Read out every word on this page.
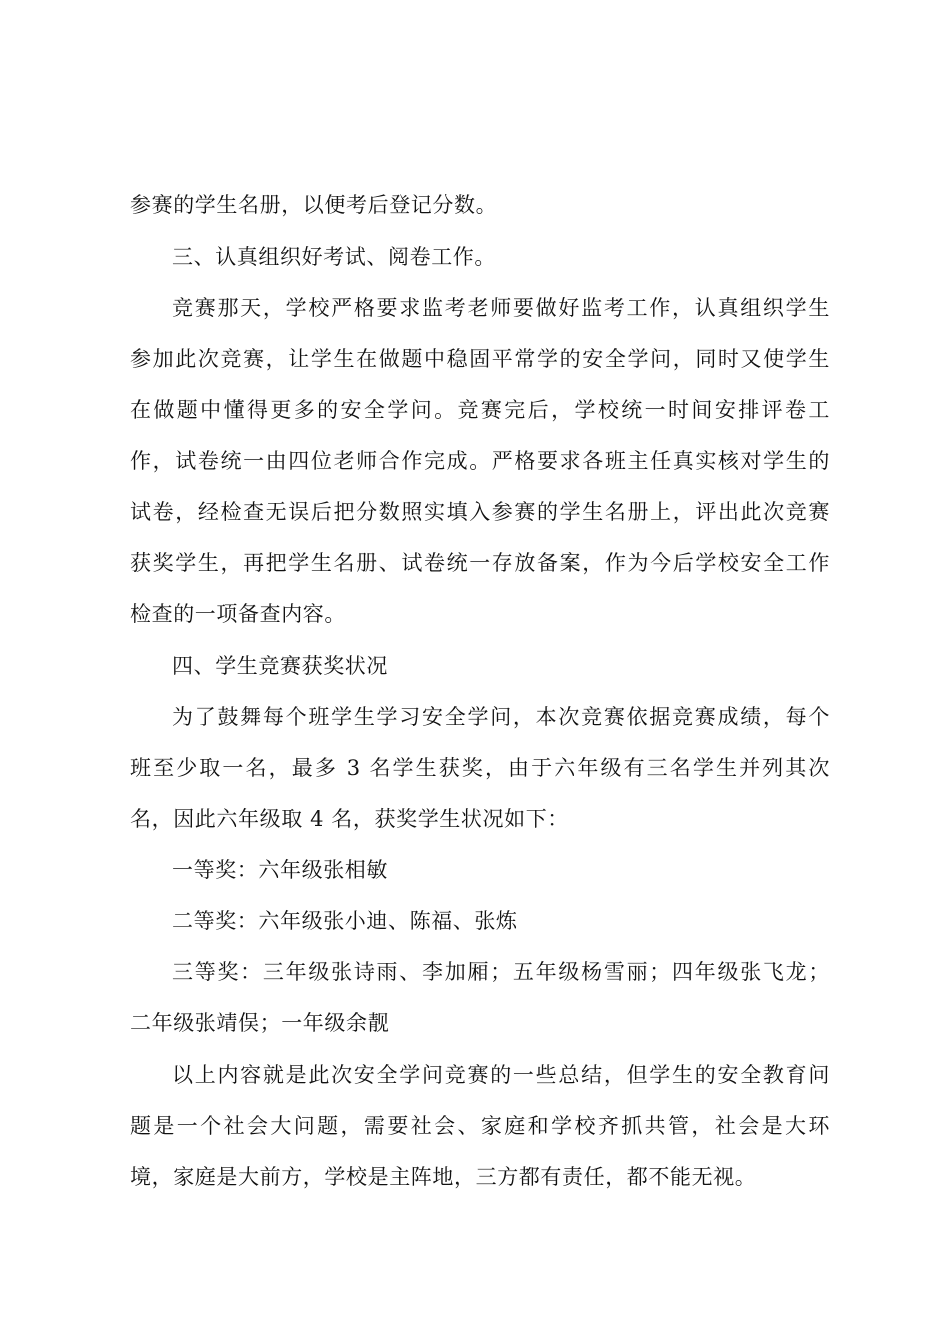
参赛的学生名册，以便考后登记分数。
三、认真组织好考试、阅卷工作。
竞赛那天，学校严格要求监考老师要做好监考工作，认真组织学生
参加此次竞赛，让学生在做题中稳固平常学的安全学问，同时又使学生
在做题中懂得更多的安全学问。竞赛完后，学校统一时间安排评卷工
作，试卷统一由四位老师合作完成。严格要求各班主任真实核对学生的
试卷，经检查无误后把分数照实填入参赛的学生名册上，评出此次竞赛
获奖学生，再把学生名册、试卷统一存放备案，作为今后学校安全工作
检查的一项备查内容。
四、学生竞赛获奖状况
为了鼓舞每个班学生学习安全学问，本次竞赛依据竞赛成绩，每个
班至少取一名，最多 3 名学生获奖，由于六年级有三名学生并列其次
名，因此六年级取 4 名，获奖学生状况如下：
一等奖：六年级张相敏
二等奖：六年级张小迪、陈福、张炼
三等奖：三年级张诗雨、李加厢；五年级杨雪丽；四年级张飞龙；
二年级张靖俣；一年级余靓
以上内容就是此次安全学问竞赛的一些总结，但学生的安全教育问
题是一个社会大问题，需要社会、家庭和学校齐抓共管，社会是大环
境，家庭是大前方，学校是主阵地，三方都有责任，都不能无视。
